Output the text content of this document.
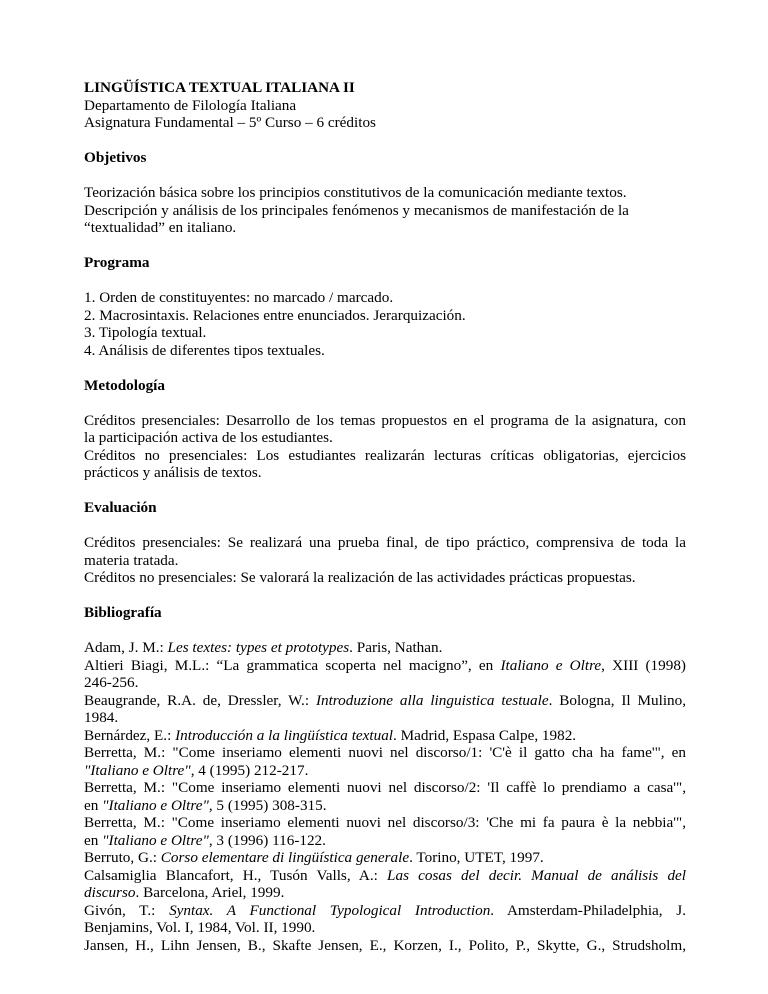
LINGÜÍSTICA TEXTUAL ITALIANA II
Departamento de Filología Italiana
Asignatura Fundamental – 5º Curso – 6 créditos
Objetivos
Teorización básica sobre los principios constitutivos de la comunicación mediante textos.
Descripción y análisis de los principales fenómenos y mecanismos de manifestación de la
“textualidad” en italiano.
Programa
1. Orden de constituyentes: no marcado / marcado.
2. Macrosintaxis. Relaciones entre enunciados. Jerarquización.
3. Tipología textual.
4. Análisis de diferentes tipos textuales.
Metodología
Créditos presenciales: Desarrollo de los temas propuestos en el programa de la asignatura, con
la participación activa de los estudiantes.
Créditos no presenciales: Los estudiantes realizarán lecturas críticas obligatorias, ejercicios
prácticos y análisis de textos.
Evaluación
Créditos presenciales: Se realizará una prueba final, de tipo práctico, comprensiva de toda la
materia tratada.
Créditos no presenciales: Se valorará la realización de las actividades prácticas propuestas.
Bibliografía
Adam, J. M.: Les textes: types et prototypes. Paris, Nathan.
Altieri Biagi, M.L.: “La grammatica scoperta nel macigno”, en Italiano e Oltre, XIII (1998)
246-256.
Beaugrande, R.A. de, Dressler, W.: Introduzione alla linguistica testuale. Bologna, Il Mulino,
1984.
Bernárdez, E.: Introducción a la lingüística textual. Madrid, Espasa Calpe, 1982.
Berretta, M.: "Come inseriamo elementi nuovi nel discorso/1: 'C'è il gatto cha ha fame'", en
"Italiano e Oltre", 4 (1995) 212-217.
Berretta, M.: "Come inseriamo elementi nuovi nel discorso/2: 'Il caffè lo prendiamo a casa'",
en "Italiano e Oltre", 5 (1995) 308-315.
Berretta, M.: "Come inseriamo elementi nuovi nel discorso/3: 'Che mi fa paura è la nebbia'",
en "Italiano e Oltre", 3 (1996) 116-122.
Berruto, G.: Corso elementare di lingüística generale. Torino, UTET, 1997.
Calsamiglia Blancafort, H., Tusón Valls, A.: Las cosas del decir. Manual de análisis del
discurso. Barcelona, Ariel, 1999.
Givón, T.: Syntax. A Functional Typological Introduction. Amsterdam-Philadelphia, J.
Benjamins, Vol. I, 1984, Vol. II, 1990.
Jansen, H., Lihn Jensen, B., Skafte Jensen, E., Korzen, I., Polito, P., Skytte, G., Strudsholm,
